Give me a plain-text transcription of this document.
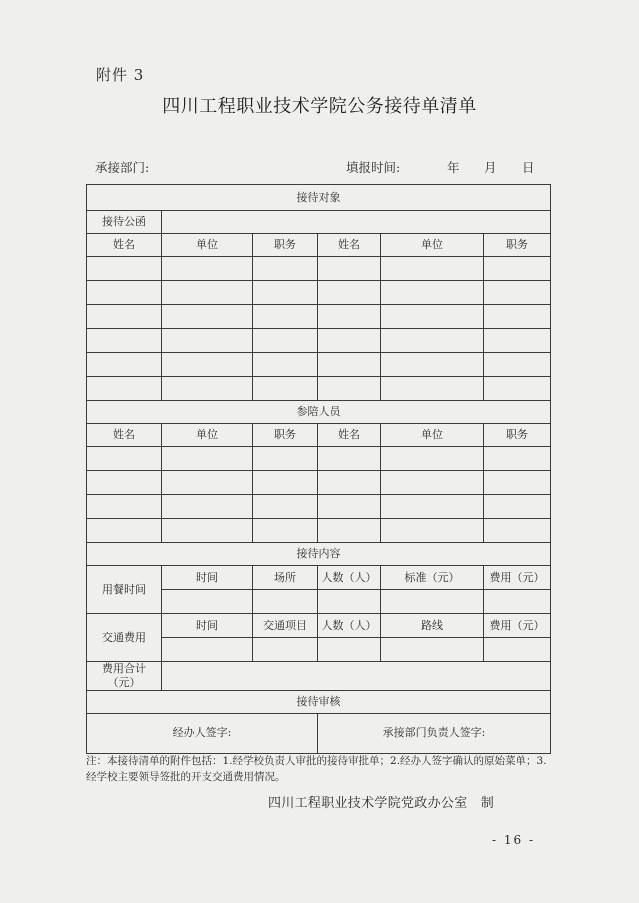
附件 3
四川工程职业技术学院公务接待单清单
承接部门:	填报时间:	年 月 日
接待对象					
接待公函					
姓名	单位	职务	姓名	单位	职务

参陪人员					
姓名	单位	职务	姓名	单位	职务

接待内容					
用餐时间	时间	场所	人数（人）	标准（元）	费用（元）

交通费用	时间	交通项目	人数（人）	路线	费用（元）

费用合计（元）					
接待审核					
经办人签字:			承接部门负责人签字:		
注：本接待清单的附件包括：1.经学校负责人审批的接待审批单；2.经办人签字确认的原始菜单；3.经学校主要领导签批的开支交通费用情况。
四川工程职业技术学院党政办公室　制
- 16 -
